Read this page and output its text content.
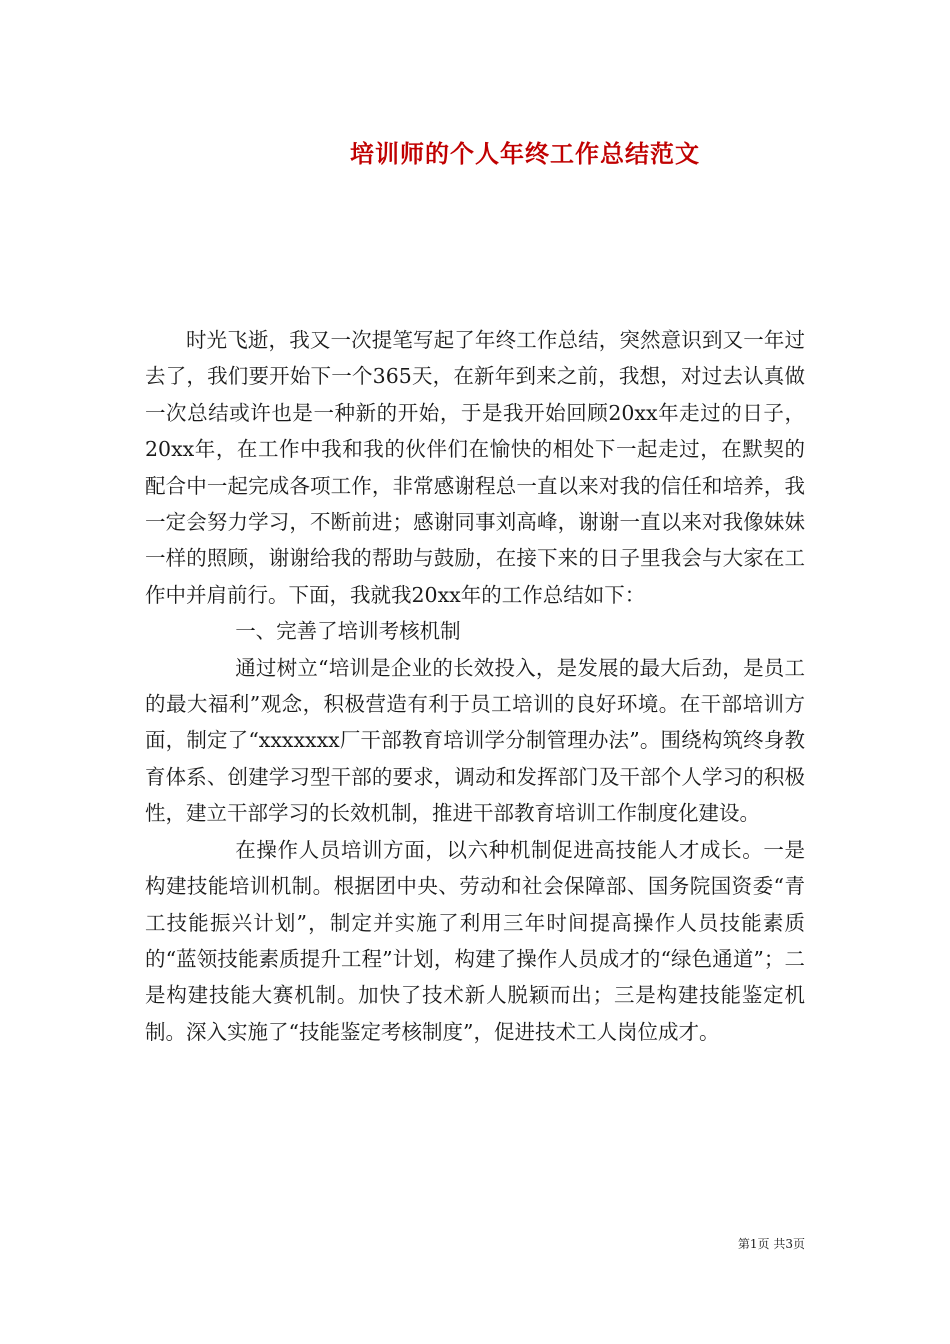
培训师的个人年终工作总结范文

时光飞逝，我又一次提笔写起了年终工作总结，突然意识到又一年过去了，我们要开始下一个365天，在新年到来之前，我想，对过去认真做一次总结或许也是一种新的开始，于是我开始回顾20xx年走过的日子，20xx年，在工作中我和我的伙伴们在愉快的相处下一起走过，在默契的配合中一起完成各项工作，非常感谢程总一直以来对我的信任和培养，我一定会努力学习，不断前进；感谢同事刘高峰，谢谢一直以来对我像妹妹一样的照顾，谢谢给我的帮助与鼓励，在接下来的日子里我会与大家在工作中并肩前行。下面，我就我20xx年的工作总结如下：

一、完善了培训考核机制

通过树立“培训是企业的长效投入，是发展的最大后劲，是员工的最大福利”观念，积极营造有利于员工培训的良好环境。在干部培训方面，制定了“xxxxxxx厂干部教育培训学分制管理办法”。围绕构筑终身教育体系、创建学习型干部的要求，调动和发挥部门及干部个人学习的积极性，建立干部学习的长效机制，推进干部教育培训工作制度化建设。

在操作人员培训方面，以六种机制促进高技能人才成长。一是构建技能培训机制。根据团中央、劳动和社会保障部、国务院国资委“青工技能振兴计划”，制定并实施了利用三年时间提高操作人员技能素质的“蓝领技能素质提升工程”计划，构建了操作人员成才的“绿色通道”；二是构建技能大赛机制。加快了技术新人脱颖而出；三是构建技能鉴定机制。深入实施了“技能鉴定考核制度”，促进技术工人岗位成才。

第1页 共3页
